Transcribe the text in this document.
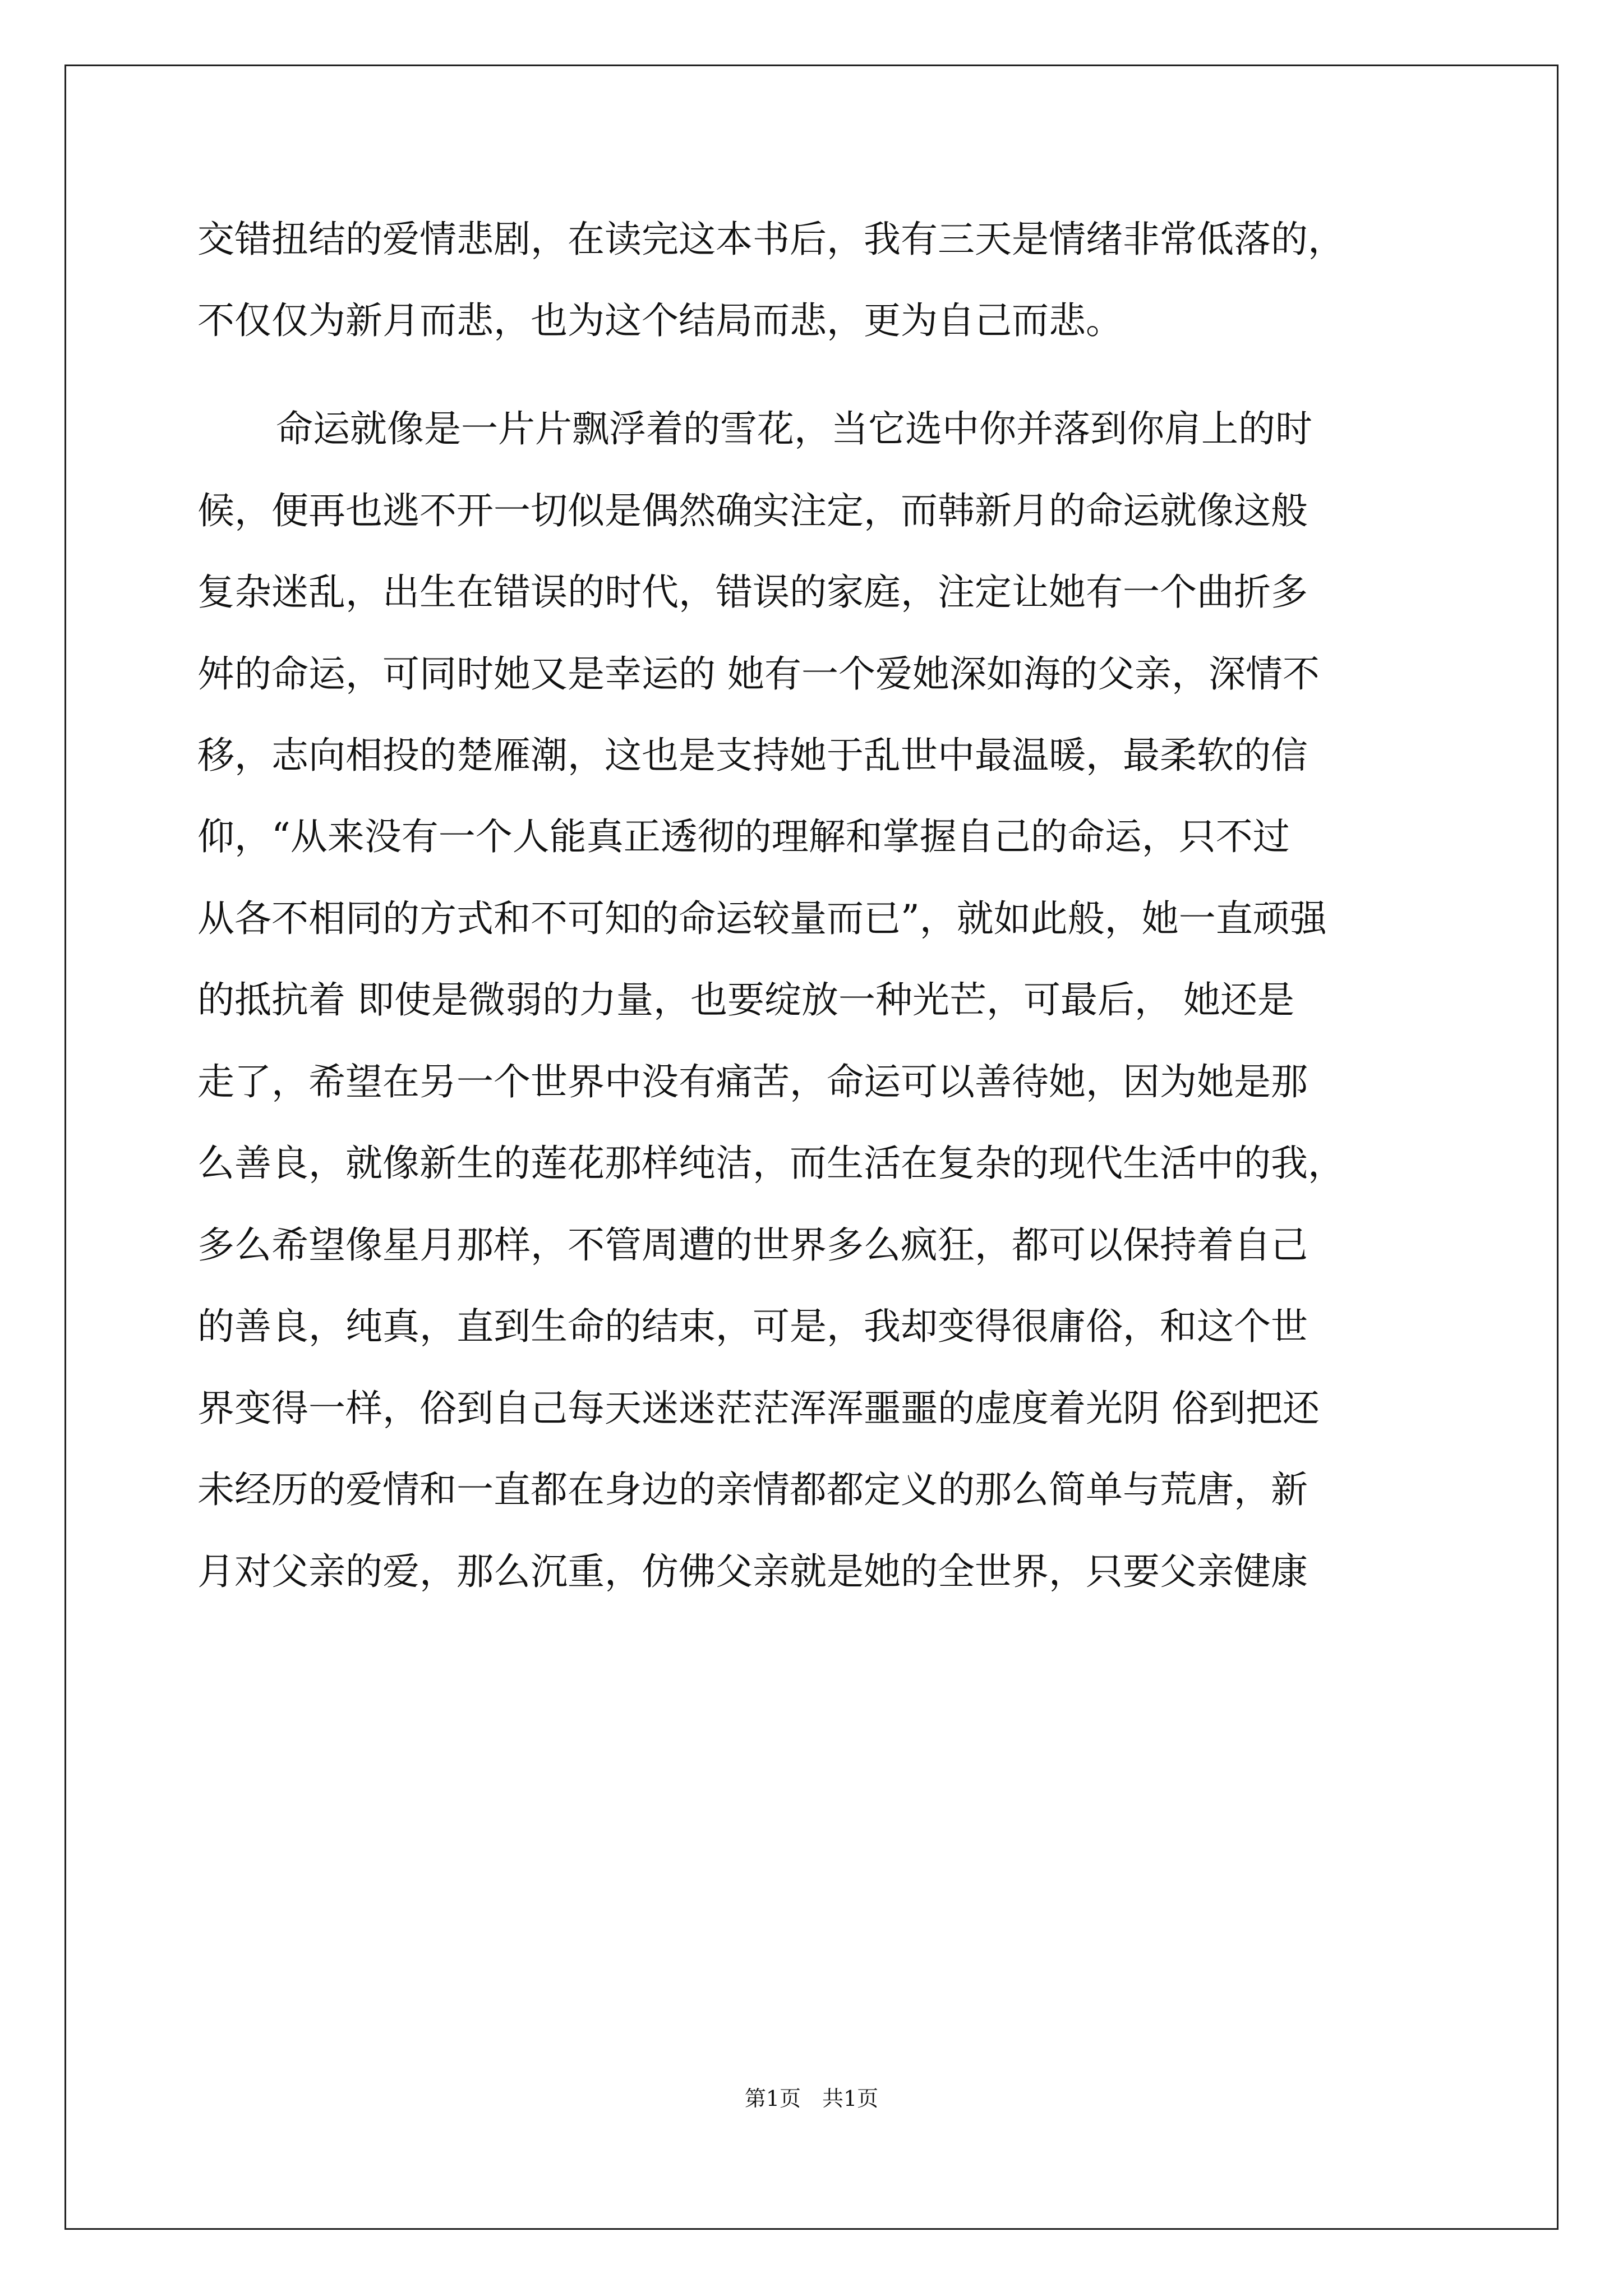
交错扭结的爱情悲剧，在读完这本书后，我有三天是情绪非常低落的，
不仅仅为新月而悲，也为这个结局而悲，更为自己而悲。
命运就像是一片片飘浮着的雪花，当它选中你并落到你肩上的时
候，便再也逃不开一切似是偶然确实注定，而韩新月的命运就像这般
复杂迷乱，出生在错误的时代，错误的家庭，注定让她有一个曲折多
舛的命运，可同时她又是幸运的 她有一个爱她深如海的父亲，深情不
移，志向相投的楚雁潮，这也是支持她于乱世中最温暖，最柔软的信
仰，“从来没有一个人能真正透彻的理解和掌握自己的命运，只不过
从各不相同的方式和不可知的命运较量而已”，就如此般，她一直顽强
的抵抗着 即使是微弱的力量，也要绽放一种光芒，可最后， 她还是
走了，希望在另一个世界中没有痛苦，命运可以善待她，因为她是那
么善良，就像新生的莲花那样纯洁，而生活在复杂的现代生活中的我，
多么希望像星月那样，不管周遭的世界多么疯狂，都可以保持着自己
的善良，纯真，直到生命的结束，可是，我却变得很庸俗，和这个世
界变得一样，俗到自己每天迷迷茫茫浑浑噩噩的虚度着光阴 俗到把还
未经历的爱情和一直都在身边的亲情都都定义的那么简单与荒唐，新
月对父亲的爱，那么沉重，仿佛父亲就是她的全世界，只要父亲健康
第1页 共1页
